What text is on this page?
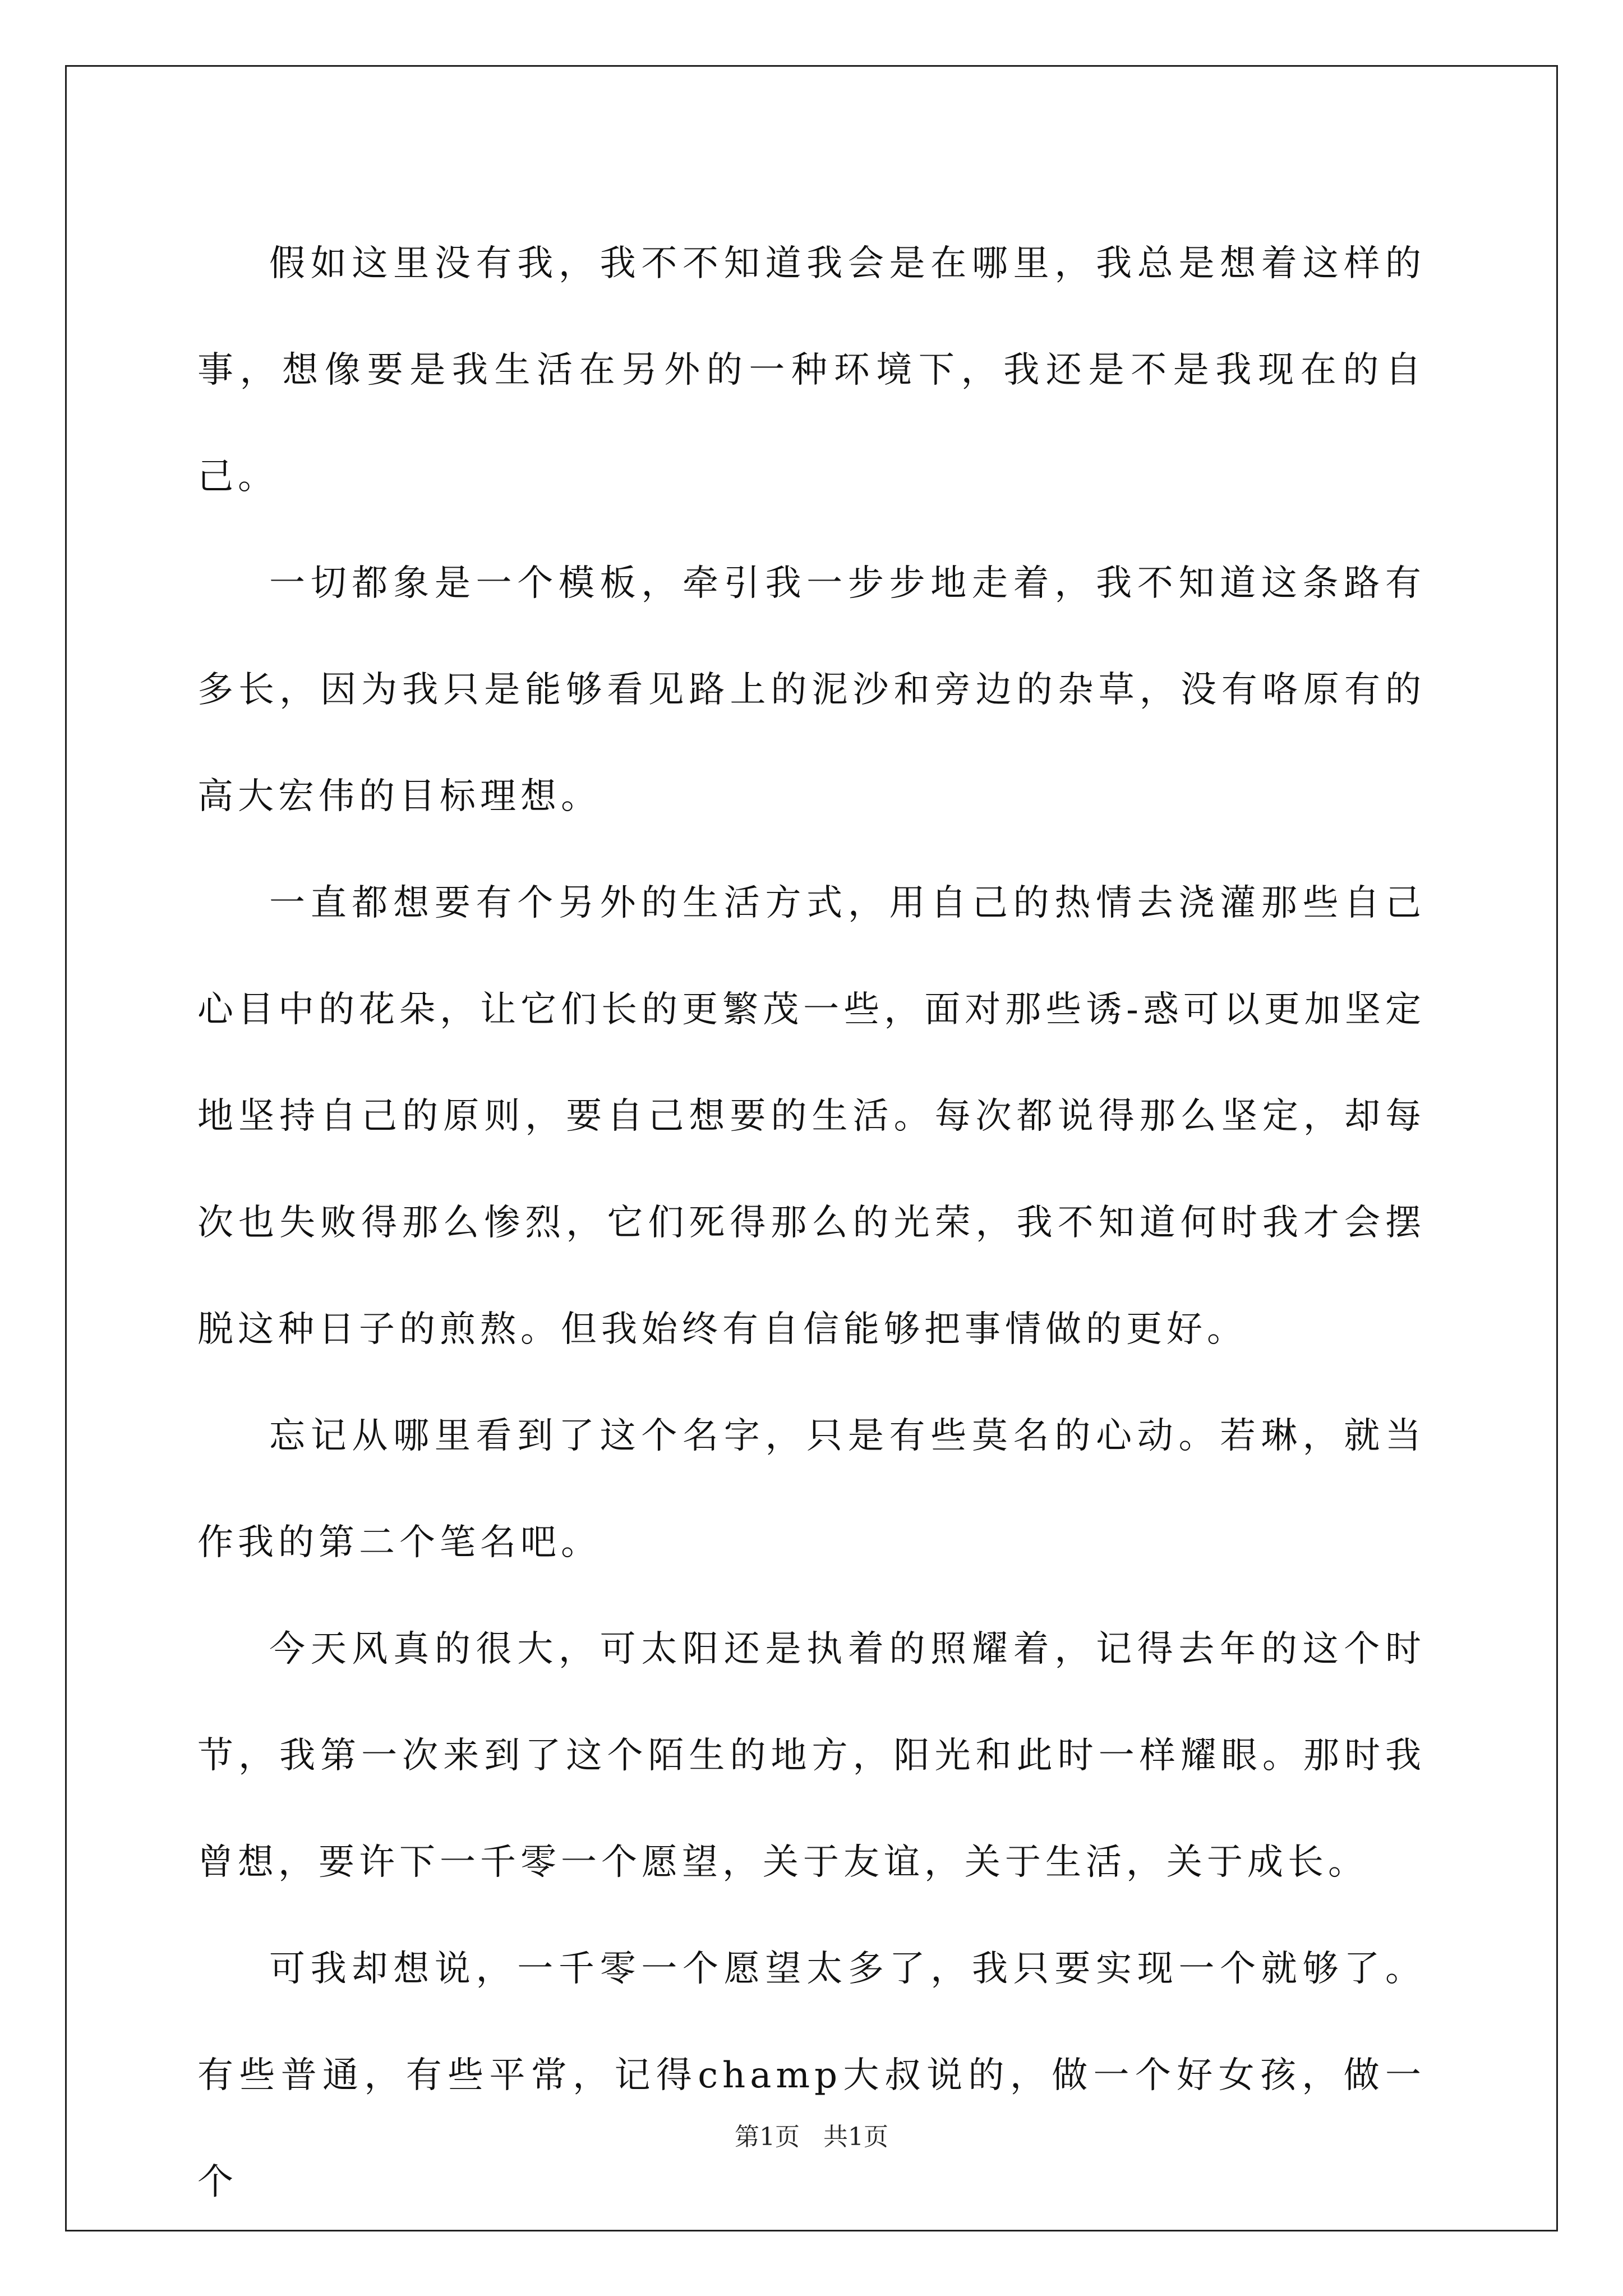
假如这里没有我，我不不知道我会是在哪里，我总是想着这样的事，想像要是我生活在另外的一种环境下，我还是不是我现在的自己。

一切都象是一个模板，牵引我一步步地走着，我不知道这条路有多长，因为我只是能够看见路上的泥沙和旁边的杂草，没有咯原有的高大宏伟的目标理想。

一直都想要有个另外的生活方式，用自己的热情去浇灌那些自己心目中的花朵，让它们长的更繁茂一些，面对那些诱-惑可以更加坚定地坚持自己的原则，要自己想要的生活。每次都说得那么坚定，却每次也失败得那么惨烈，它们死得那么的光荣，我不知道何时我才会摆脱这种日子的煎熬。但我始终有自信能够把事情做的更好。

忘记从哪里看到了这个名字，只是有些莫名的心动。若琳，就当作我的第二个笔名吧。

今天风真的很大，可太阳还是执着的照耀着，记得去年的这个时节，我第一次来到了这个陌生的地方，阳光和此时一样耀眼。那时我曾想，要许下一千零一个愿望，关于友谊，关于生活，关于成长。

可我却想说，一千零一个愿望太多了，我只要实现一个就够了。有些普通，有些平常，记得champ大叔说的，做一个好女孩，做一个

第1页   共1页
